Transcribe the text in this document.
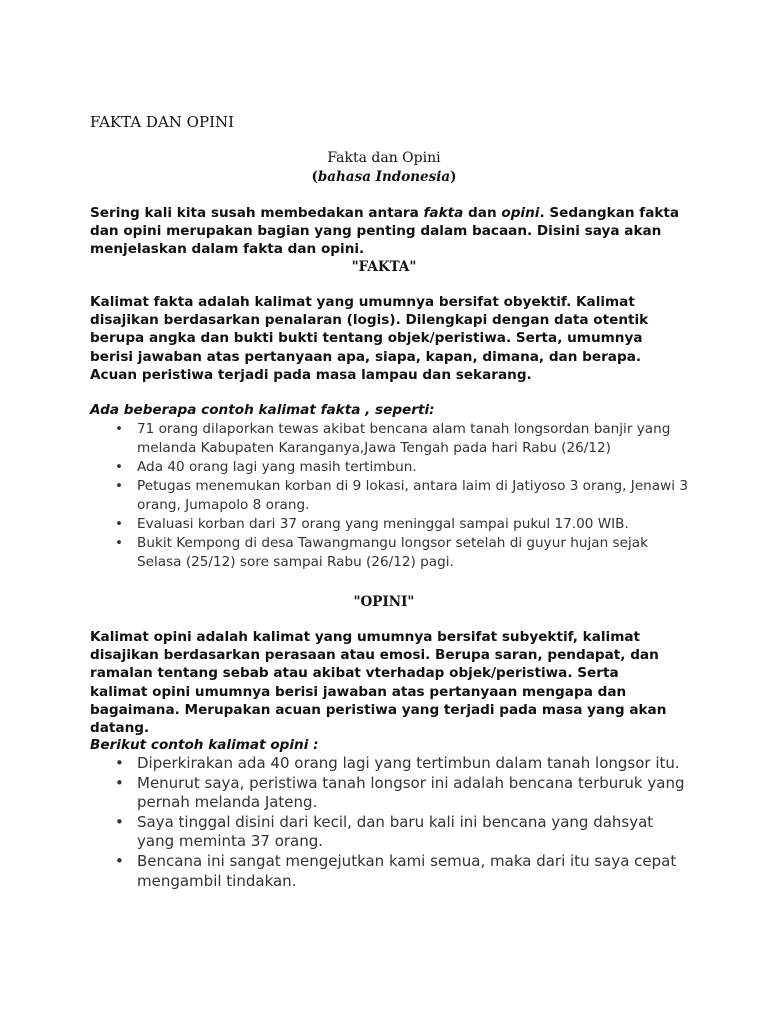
FAKTA DAN OPINI
Fakta dan Opini
(bahasa Indonesia)
Sering kali kita susah membedakan antara fakta dan opini. Sedangkan fakta dan opini merupakan bagian yang penting dalam bacaan. Disini saya akan menjelaskan dalam fakta dan opini.
"FAKTA"
Kalimat fakta adalah kalimat yang umumnya bersifat obyektif. Kalimat disajikan berdasarkan penalaran (logis). Dilengkapi dengan data otentik berupa angka dan bukti bukti tentang objek/peristiwa. Serta, umumnya berisi jawaban atas pertanyaan apa, siapa, kapan, dimana, dan berapa. Acuan peristiwa terjadi pada masa lampau dan sekarang.
Ada beberapa contoh kalimat fakta , seperti:
• 71 orang dilaporkan tewas akibat bencana alam tanah longsordan banjir yang melanda Kabupaten Karanganya,Jawa Tengah pada hari Rabu (26/12)
• Ada 40 orang lagi yang masih tertimbun.
• Petugas menemukan korban di 9 lokasi, antara laim di Jatiyoso 3 orang, Jenawi 3 orang, Jumapolo 8 orang.
• Evaluasi korban dari 37 orang yang meninggal sampai pukul 17.00 WIB.
• Bukit Kempong di desa Tawangmangu longsor setelah di guyur hujan sejak Selasa (25/12) sore sampai Rabu (26/12) pagi.
"OPINI"
Kalimat opini adalah kalimat yang umumnya bersifat subyektif, kalimat disajikan berdasarkan perasaan atau emosi. Berupa saran, pendapat, dan ramalan tentang sebab atau akibat vterhadap objek/peristiwa. Serta kalimat opini umumnya berisi jawaban atas pertanyaan mengapa dan bagaimana. Merupakan acuan peristiwa yang terjadi pada masa yang akan datang.
Berikut contoh kalimat opini :
• Diperkirakan ada 40 orang lagi yang tertimbun dalam tanah longsor itu.
• Menurut saya, peristiwa tanah longsor ini adalah bencana terburuk yang pernah melanda Jateng.
• Saya tinggal disini dari kecil, dan baru kali ini bencana yang dahsyat yang meminta 37 orang.
• Bencana ini sangat mengejutkan kami semua, maka dari itu saya cepat mengambil tindakan.
